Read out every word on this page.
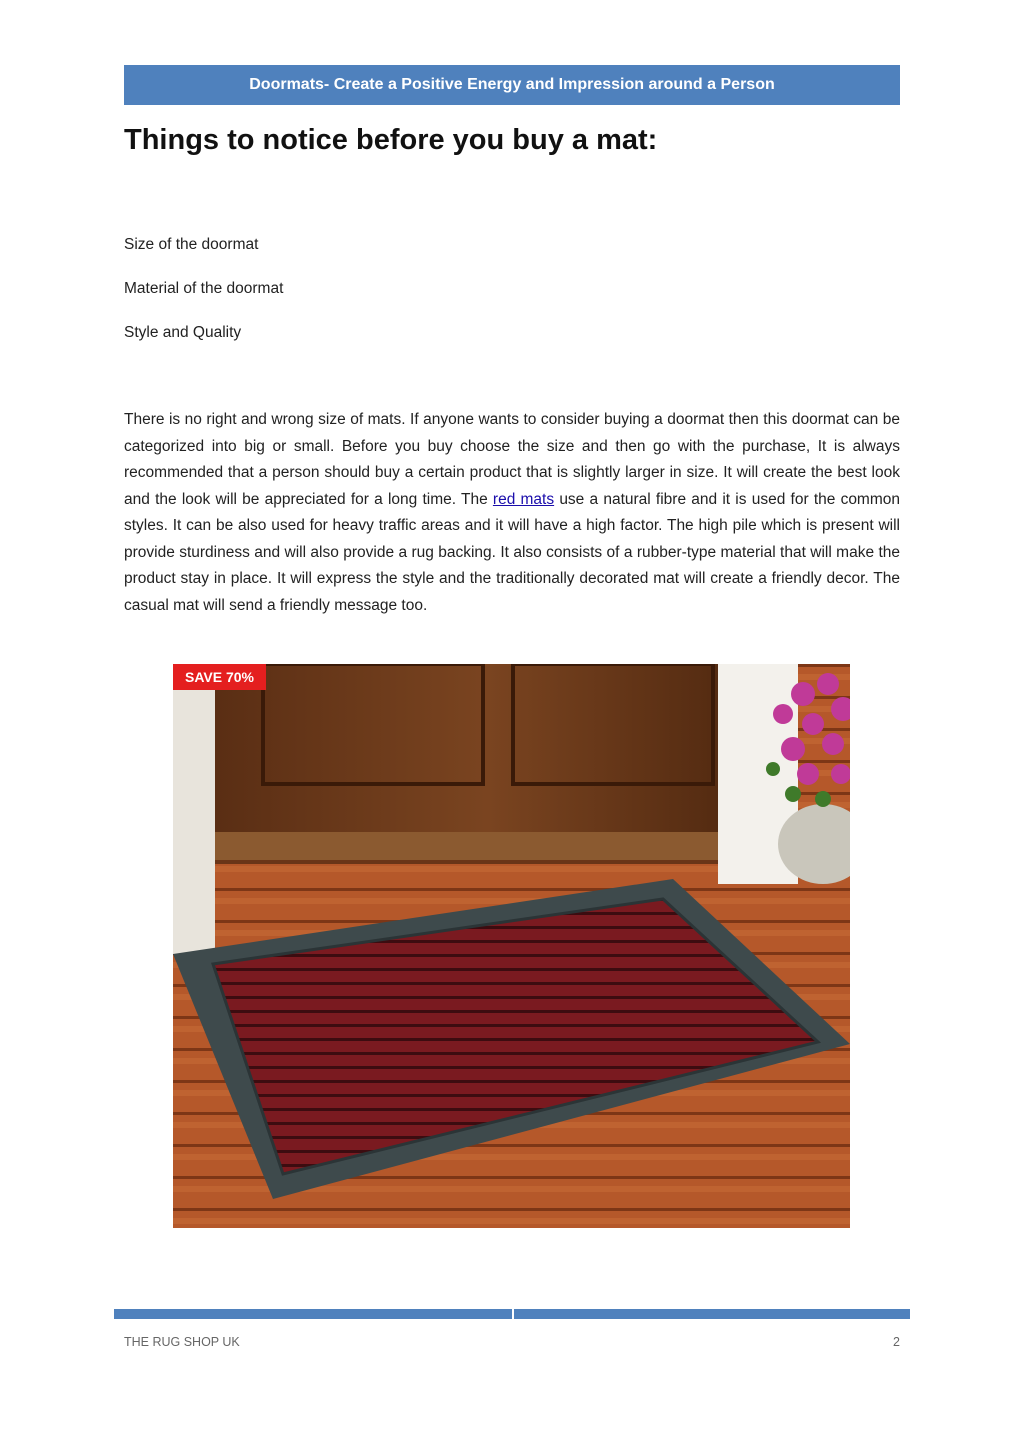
Doormats- Create a Positive Energy and Impression around a Person
Things to notice before you buy a mat:
Size of the doormat
Material of the doormat
Style and Quality

There is no right and wrong size of mats. If anyone wants to consider buying a doormat then this doormat can be categorized into big or small. Before you buy choose the size and then go with the purchase, It is always recommended that a person should buy a certain product that is slightly larger in size. It will create the best look and the look will be appreciated for a long time. The red mats use a natural fibre and it is used for the common styles. It can be also used for heavy traffic areas and it will have a high factor. The high pile which is present will provide sturdiness and will also provide a rug backing. It also consists of a rubber-type material that will make the product stay in place. It will express the style and the traditionally decorated mat will create a friendly decor. The casual mat will send a friendly message too.

SAVE 70%
THE RUG SHOP UK	2
